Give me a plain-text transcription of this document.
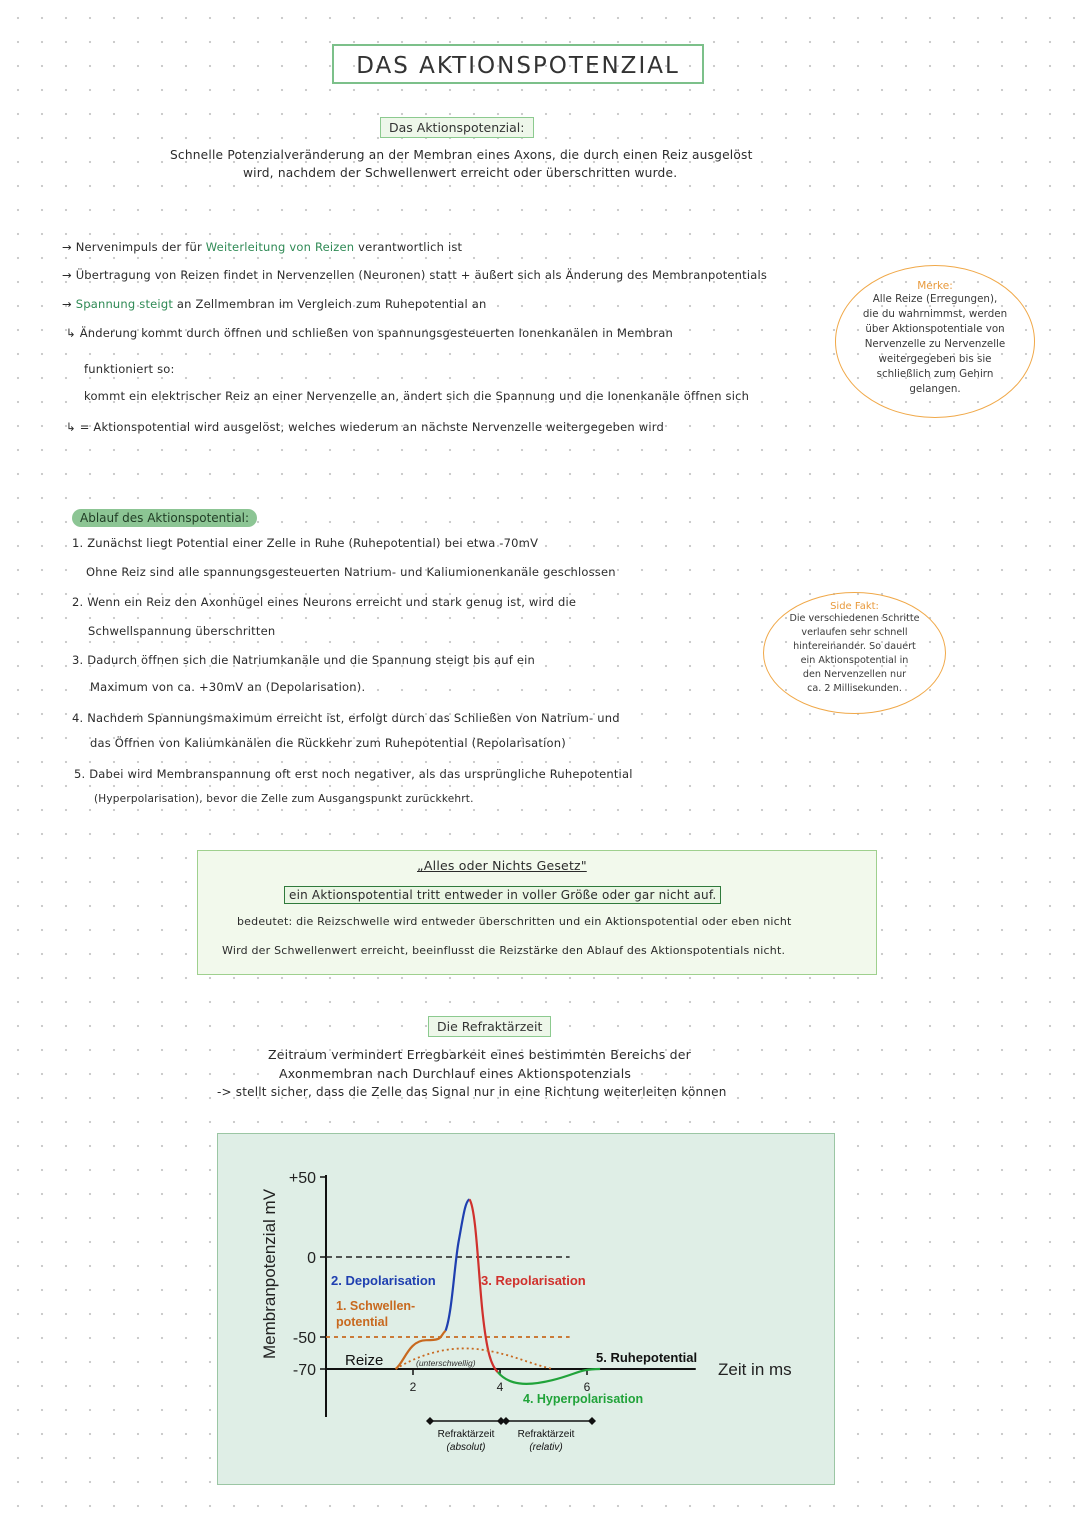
DAS AKTIONSPOTENZIAL
Das Aktionspotenzial:
Schnelle Potenzialveränderung an der Membran eines Axons, die durch einen Reiz ausgelöst
wird, nachdem der Schwellenwert erreicht oder überschritten wurde.
→ Nervenimpuls der für Weiterleitung von Reizen verantwortlich ist
→ Übertragung von Reizen findet in Nervenzellen (Neuronen) statt + äußert sich als Änderung des Membranpotentials
→ Spannung steigt an Zellmembran im Vergleich zum Ruhepotential an
↳ Änderung kommt durch öffnen und schließen von spannungsgesteuerten Ionenkanälen in Membran
funktioniert so:
kommt ein elektrischer Reiz an einer Nervenzelle an, ändert sich die Spannung und die Ionenkanäle öffnen sich
↳ = Aktionspotential wird ausgelöst, welches wiederum an nächste Nervenzelle weitergegeben wird
Merke:
Alle Reize (Erregungen),
die du wahrnimmst, werden
über Aktionspotentiale von
Nervenzelle zu Nervenzelle
weitergegeben bis sie
schließlich zum Gehirn
gelangen.
Ablauf des Aktionspotential:
1. Zunächst liegt Potential einer Zelle in Ruhe (Ruhepotential) bei etwa -70mV
Ohne Reiz sind alle spannungsgesteuerten Natrium- und Kaliumionenkanäle geschlossen
2. Wenn ein Reiz den Axonhügel eines Neurons erreicht und stark genug ist, wird die
Schwellspannung überschritten
3. Dadurch öffnen sich die Natriumkanäle und die Spannung steigt bis auf ein
Maximum von ca. +30mV an (Depolarisation).
4. Nachdem Spannungsmaximum erreicht ist, erfolgt durch das Schließen von Natrium- und
das Öffnen von Kaliumkanälen die Rückkehr zum Ruhepotential (Repolarisation)
5. Dabei wird Membranspannung oft erst noch negativer, als das ursprüngliche Ruhepotential
(Hyperpolarisation), bevor die Zelle zum Ausgangspunkt zurückkehrt.
Side Fakt:
Die verschiedenen Schritte
verlaufen sehr schnell
hintereinander. So dauert
ein Aktionspotential in
den Nervenzellen nur
ca. 2 Millisekunden.
„Alles oder Nichts Gesetz"
ein Aktionspotential tritt entweder in voller Größe oder gar nicht auf.
bedeutet: die Reizschwelle wird entweder überschritten und ein Aktionspotential oder eben nicht
Wird der Schwellenwert erreicht, beeinflusst die Reizstärke den Ablauf des Aktionspotentials nicht.
Die Refraktärzeit
Zeitraum vermindert Erregbarkeit eines bestimmten Bereichs der
Axonmembran nach Durchlauf eines Aktionspotenzials
-> stellt sicher, dass die Zelle das Signal nur in eine Richtung weiterleiten können
+50
0
-50
-70
2	4	6
Membranpotenzial mV
Zeit in ms
2. Depolarisation	3. Repolarisation
1. Schwellen-
potential
Reize	(unterschwellig)	5. Ruhepotential
4. Hyperpolarisation
Refraktärzeit
(absolut)
Refraktärzeit
(relativ)
